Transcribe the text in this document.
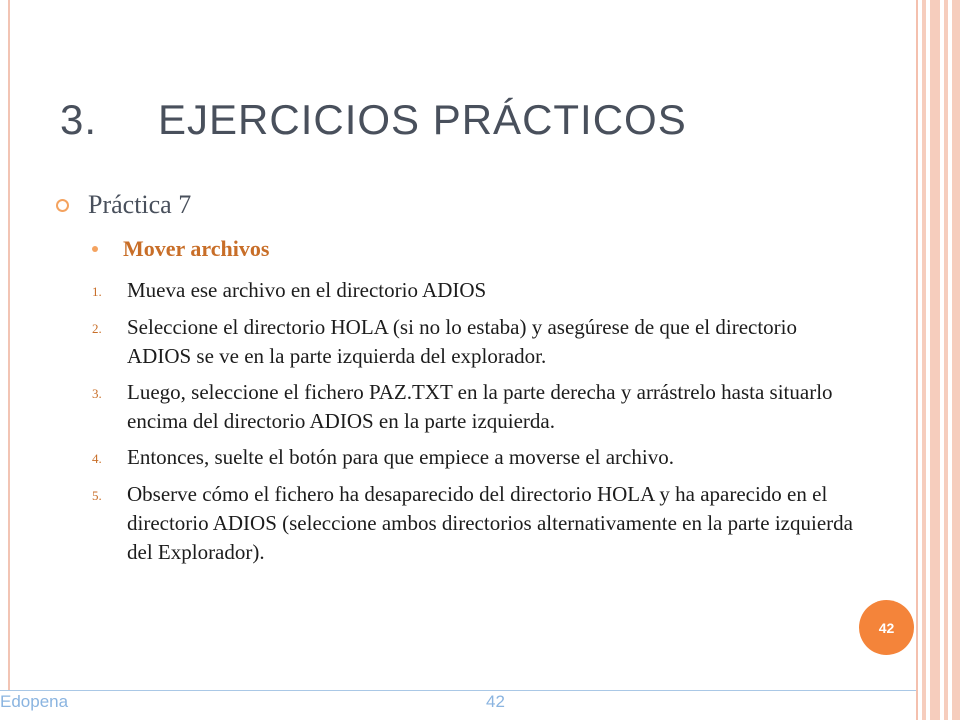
3. EJERCICIOS PRÁCTICOS
Práctica 7
Mover archivos
1.	Mueva ese archivo en el directorio ADIOS
2.	Seleccione el directorio HOLA (si no lo estaba) y asegúrese de que el directorio ADIOS se ve en la parte izquierda del explorador.
3.	Luego, seleccione el fichero PAZ.TXT en la parte derecha y arrástrelo hasta situarlo encima del directorio ADIOS en la parte izquierda.
4.	Entonces, suelte el botón para que empiece a moverse el archivo.
5.	Observe cómo el fichero ha desaparecido del directorio HOLA y ha aparecido en el directorio ADIOS (seleccione ambos directorios alternativamente en la parte izquierda del Explorador).
42
Edopena	42
